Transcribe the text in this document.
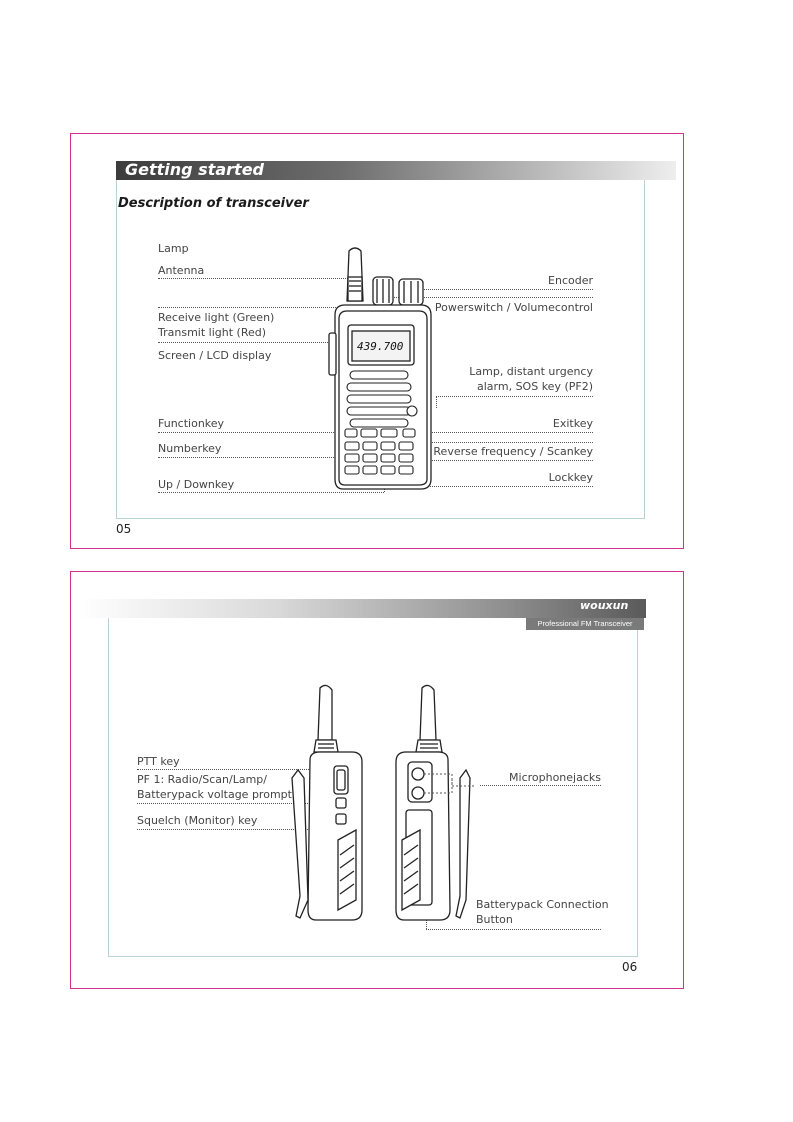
Getting started
Description of transceiver
Lamp
Antenna
Receive light (Green)
Transmit light (Red)
Screen / LCD display
Functionkey
Numberkey
Up / Downkey
Encoder
Powerswitch / Volumecontrol
Lamp, distant urgency
alarm, SOS key (PF2)
Exitkey
Reverse frequency / Scankey
Lockkey
439.700
05
wouxun
Professional FM Transceiver
PTT key
PF 1: Radio/Scan/Lamp/
Batterypack voltage prompt
Squelch (Monitor) key
Microphonejacks
Batterypack Connection
Button
06
